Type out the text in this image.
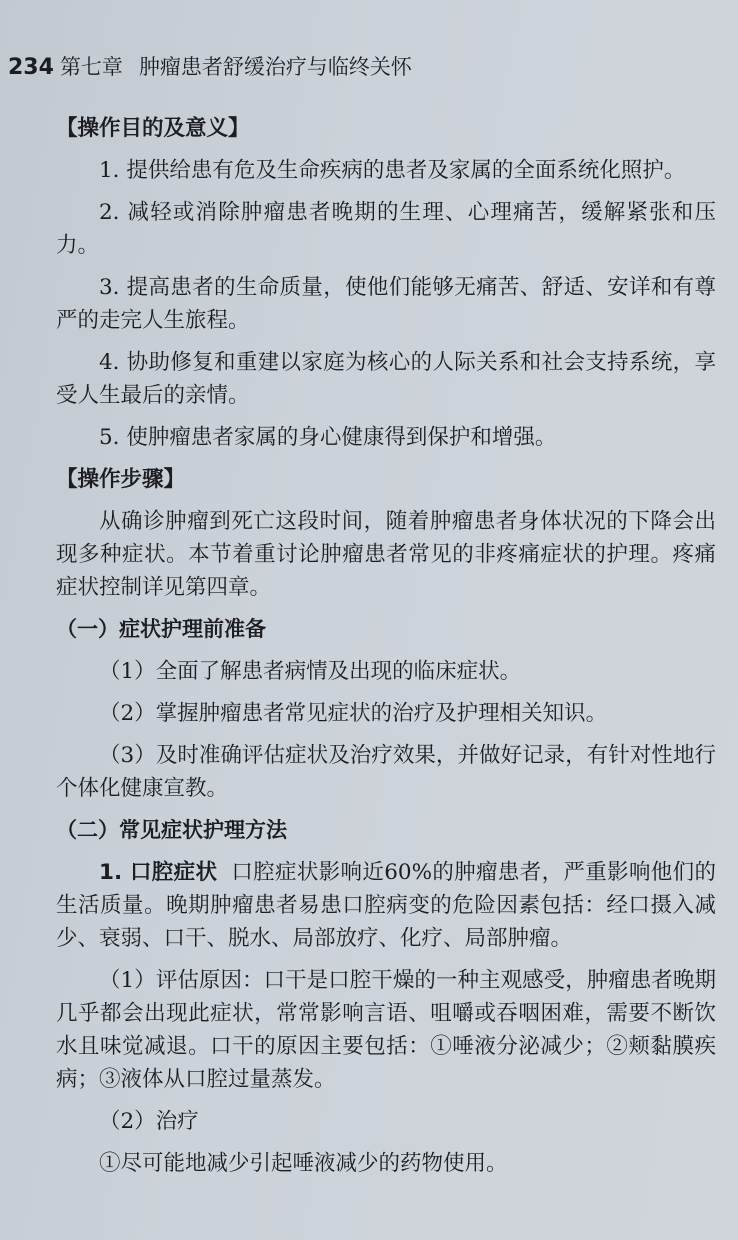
234 第七章 肿瘤患者舒缓治疗与临终关怀

【操作目的及意义】

1. 提供给患有危及生命疾病的患者及家属的全面系统化照护。

2. 减轻或消除肿瘤患者晚期的生理、心理痛苦，缓解紧张和压力。

3. 提高患者的生命质量，使他们能够无痛苦、舒适、安详和有尊严的走完人生旅程。

4. 协助修复和重建以家庭为核心的人际关系和社会支持系统，享受人生最后的亲情。

5. 使肿瘤患者家属的身心健康得到保护和增强。

【操作步骤】

从确诊肿瘤到死亡这段时间，随着肿瘤患者身体状况的下降会出现多种症状。本节着重讨论肿瘤患者常见的非疼痛症状的护理。疼痛症状控制详见第四章。

（一）症状护理前准备

（1）全面了解患者病情及出现的临床症状。

（2）掌握肿瘤患者常见症状的治疗及护理相关知识。

（3）及时准确评估症状及治疗效果，并做好记录，有针对性地行个体化健康宣教。

（二）常见症状护理方法

1. 口腔症状 口腔症状影响近60%的肿瘤患者，严重影响他们的生活质量。晚期肿瘤患者易患口腔病变的危险因素包括：经口摄入减少、衰弱、口干、脱水、局部放疗、化疗、局部肿瘤。

（1）评估原因：口干是口腔干燥的一种主观感受，肿瘤患者晚期几乎都会出现此症状，常常影响言语、咀嚼或吞咽困难，需要不断饮水且味觉减退。口干的原因主要包括：①唾液分泌减少；②颊黏膜疾病；③液体从口腔过量蒸发。

（2）治疗

①尽可能地减少引起唾液减少的药物使用。
